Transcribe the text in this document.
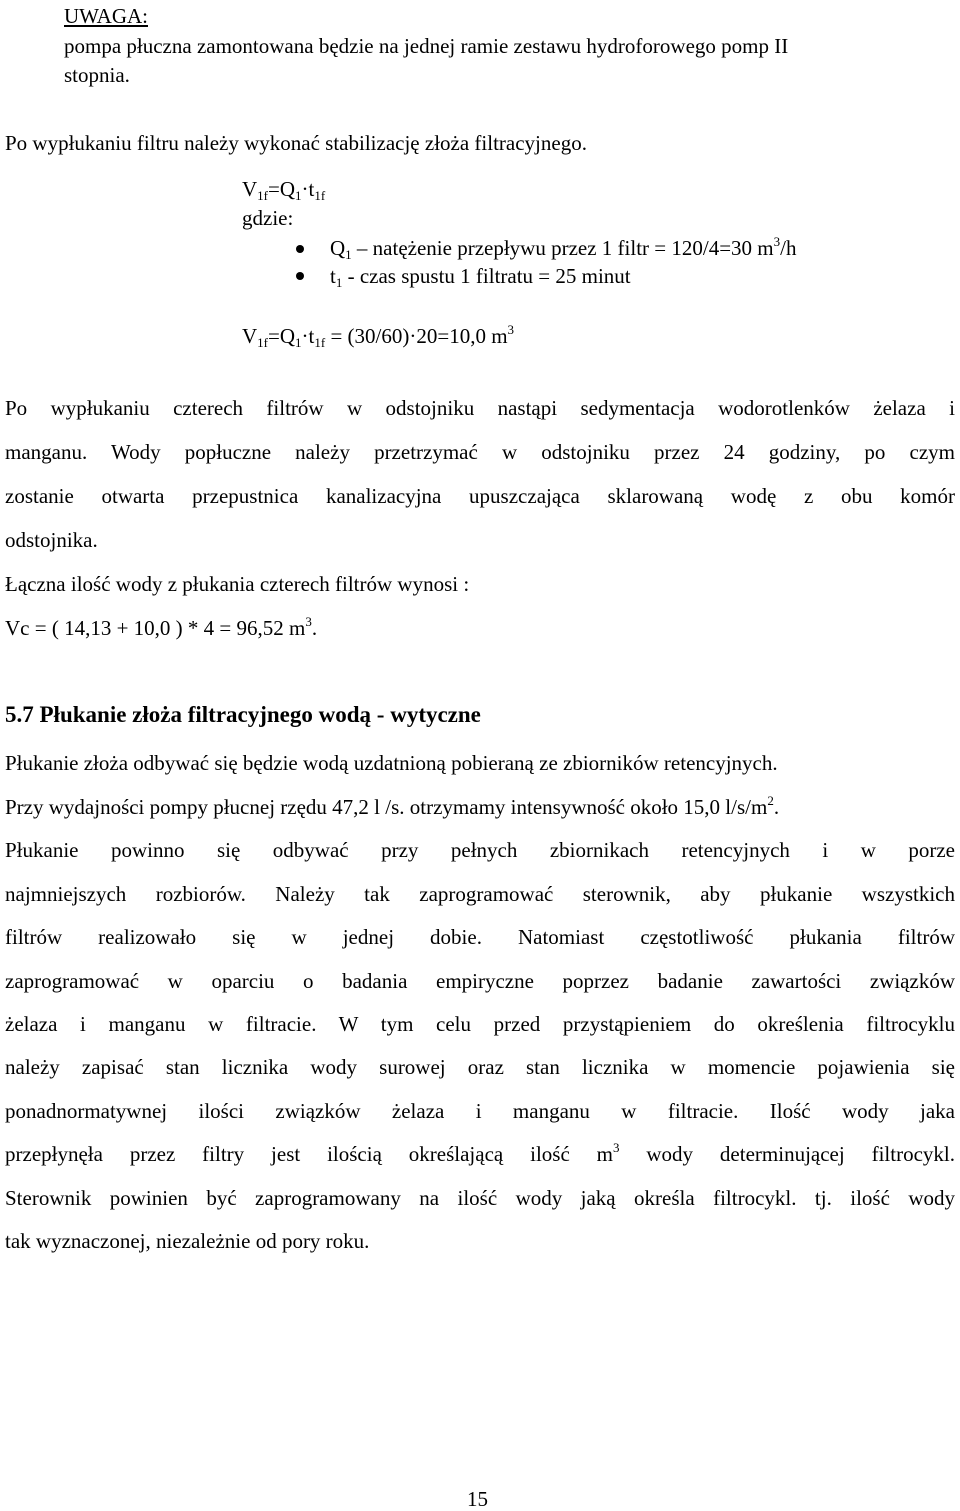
UWAGA:
pompa płuczna zamontowana będzie na jednej ramie zestawu hydroforowego pomp II
stopnia.
Po wypłukaniu filtru należy wykonać stabilizację złoża filtracyjnego.
$V_{1f}=Q_1\cdot t_{1f}$
gdzie:
$Q_1$ – natężenie przepływu przez 1 filtr = 120/4=30 $m^3/h$
$t_1$ - czas spustu 1 filtratu = 25 minut
$V_{1f}=Q_1\cdot t_{1f} = (30/60)\cdot 20=10,0$ $m^3$
Po wypłukaniu czterech filtrów w odstojniku nastąpi sedymentacja wodorotlenków żelaza i
manganu. Wody popłuczne należy przetrzymać w odstojniku przez 24 godziny, po czym
zostanie otwarta przepustnica kanalizacyjna upuszczająca sklarowaną wodę z obu komór
odstojnika.
Łączna ilość wody z płukania czterech filtrów wynosi :
Vc = ( 14,13 + 10,0 ) * 4 = 96,52 $m^3$.
5.7 Płukanie złoża filtracyjnego wodą - wytyczne
Płukanie złoża odbywać się będzie wodą uzdatnioną pobieraną ze zbiorników retencyjnych.
Przy wydajności pompy płucnej rzędu 47,2 l /s. otrzymamy intensywność około 15,0 $l/s/m^2$.
Płukanie powinno się odbywać przy pełnych zbiornikach retencyjnych i w porze
najmniejszych rozbiorów. Należy tak zaprogramować sterownik, aby płukanie wszystkich
filtrów realizowało się w jednej dobie. Natomiast częstotliwość płukania filtrów
zaprogramować w oparciu o badania empiryczne poprzez badanie zawartości związków
żelaza i manganu w filtracie. W tym celu przed przystąpieniem do określenia filtrocyklu
należy zapisać stan licznika wody surowej oraz stan licznika w momencie pojawienia się
ponadnormatywnej ilości związków żelaza i manganu w filtracie. Ilość wody jaka
przepłynęła przez filtry jest ilością określającą ilość $m^3$ wody determinującej filtrocykl.
Sterownik powinien być zaprogramowany na ilość wody jaką określa filtrocykl. tj. ilość wody
tak wyznaczonej, niezależnie od pory roku.
15
